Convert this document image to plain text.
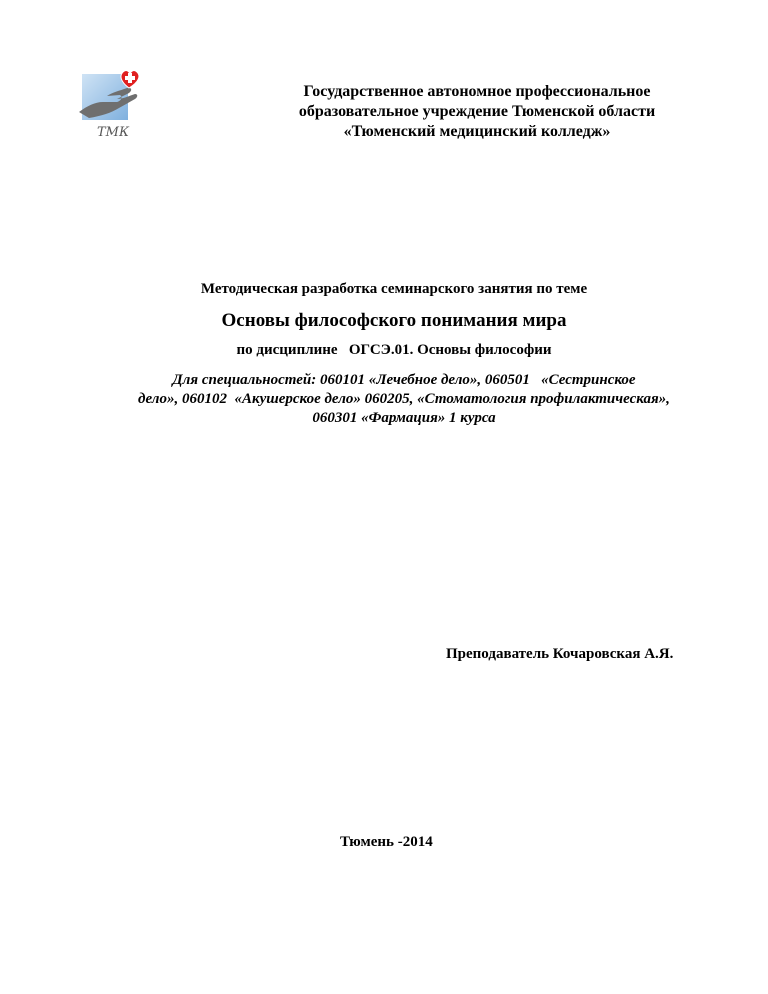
ТМК
Государственное автономное профессиональное
образовательное учреждение Тюменской области
«Тюменский медицинский колледж»
Методическая разработка семинарского занятия по теме
Основы философского понимания мира
по дисциплине   ОГСЭ.01. Основы философии
Для специальностей: 060101 «Лечебное дело», 060501   «Сестринское
дело», 060102  «Акушерское дело» 060205, «Стоматология профилактическая»,
060301 «Фармация» 1 курса
Преподаватель Кочаровская А.Я.
Тюмень -2014
